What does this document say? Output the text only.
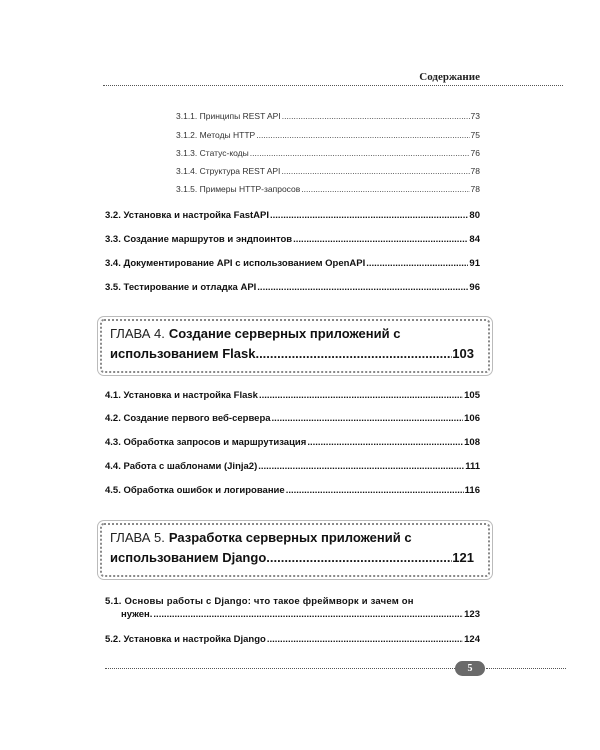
Содержание
3.1.1. Принципы REST API .....	73
3.1.2. Методы HTTP .....	75
3.1.3. Статус-коды .....	76
3.1.4. Структура REST API .....	78
3.1.5. Примеры HTTP-запросов .....	78
3.2. Установка и настройка FastAPI .....	80
3.3. Создание маршрутов и эндпоинтов .....	84
3.4. Документирование API с использованием OpenAPI .....	91
3.5. Тестирование и отладка API .....	96
ГЛАВА 4. Создание серверных приложений с
использованием Flask .....	103
4.1. Установка и настройка Flask .....	105
4.2. Создание первого веб-сервера .....	106
4.3. Обработка запросов и маршрутизация .....	108
4.4. Работа с шаблонами (Jinja2) .....	111
4.5. Обработка ошибок и логирование .....	116
ГЛАВА 5. Разработка серверных приложений с
использованием Django .....	121
5.1. Основы работы с Django: что такое фреймворк и зачем он
нужен. .....	123
5.2. Установка и настройка Django .....	124
5
